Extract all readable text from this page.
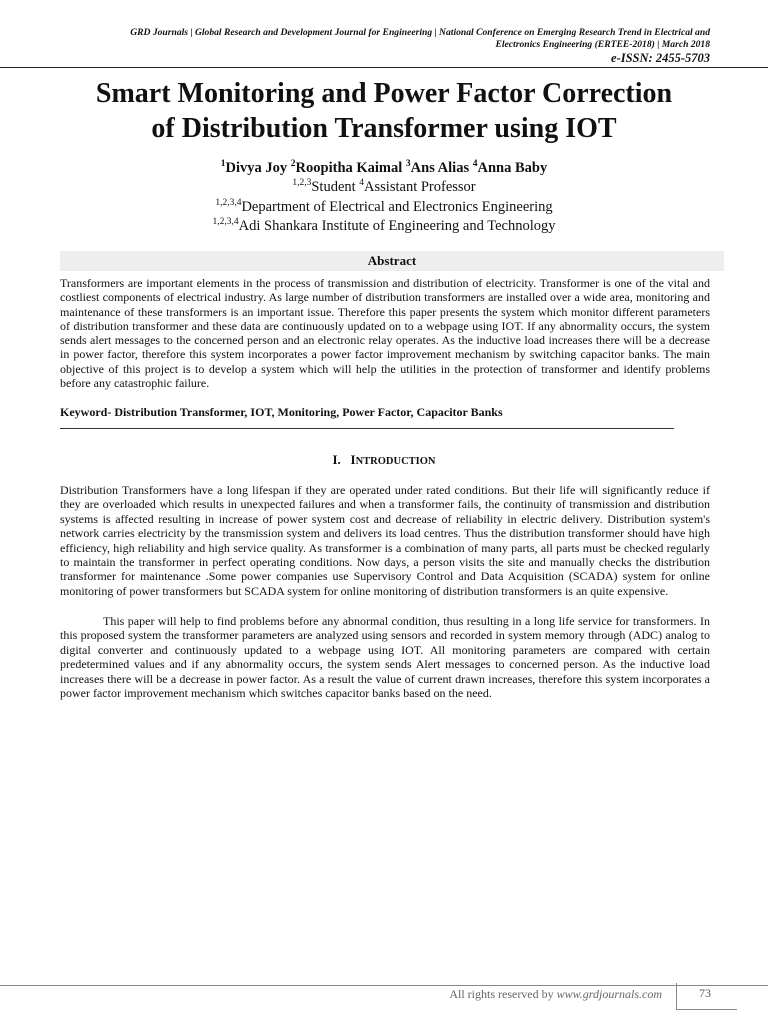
GRD Journals | Global Research and Development Journal for Engineering | National Conference on Emerging Research Trend in Electrical and
Electronics Engineering (ERTEE-2018) | March 2018
e-ISSN: 2455-5703
Smart Monitoring and Power Factor Correction
of Distribution Transformer using IOT
$^1$Divya Joy $^2$Roopitha Kaimal $^3$Ans Alias $^4$Anna Baby
$^{1,2,3}$Student $^4$Assistant Professor
$^{1,2,3,4}$Department of Electrical and Electronics Engineering
$^{1,2,3,4}$Adi Shankara Institute of Engineering and Technology
Abstract
Transformers are important elements in the process of transmission and distribution of electricity. Transformer is one of the vital and costliest components of electrical industry. As large number of distribution transformers are installed over a wide area, monitoring and maintenance of these transformers is an important issue. Therefore this paper presents the system which monitor different parameters of distribution transformer and these data are continuously updated on to a webpage using IOT. If any abnormality occurs, the system sends alert messages to the concerned person and an electronic relay operates. As the inductive load increases there will be a decrease in power factor, therefore this system incorporates a power factor improvement mechanism by switching capacitor banks. The main objective of this project is to develop a system which will help the utilities in the protection of transformer and identify problems before any catastrophic failure.
Keyword- Distribution Transformer, IOT, Monitoring, Power Factor, Capacitor Banks
I. INTRODUCTION
Distribution Transformers have a long lifespan if they are operated under rated conditions. But their life will significantly reduce if they are overloaded which results in unexpected failures and when a transformer fails, the continuity of transmission and distribution systems is affected resulting in increase of power system cost and decrease of reliability in electric delivery. Distribution system's network carries electricity by the transmission system and delivers its load centres. Thus the distribution transformer should have high efficiency, high reliability and high service quality. As transformer is a combination of many parts, all parts must be checked regularly to maintain the transformer in perfect operating conditions. Now days, a person visits the site and manually checks the distribution transformer for maintenance .Some power companies use Supervisory Control and Data Acquisition (SCADA) system for online monitoring of power transformers but SCADA system for online monitoring of distribution transformers is an quite expensive.
This paper will help to find problems before any abnormal condition, thus resulting in a long life service for transformers. In this proposed system the transformer parameters are analyzed using sensors and recorded in system memory through (ADC) analog to digital converter and continuously updated to a webpage using IOT. All monitoring parameters are compared with certain predetermined values and if any abnormality occurs, the system sends Alert messages to concerned person. As the inductive load increases there will be a decrease in power factor. As a result the value of current drawn increases, therefore this system incorporates a power factor improvement mechanism which switches capacitor banks based on the need.
All rights reserved by www.grdjournals.com	73
